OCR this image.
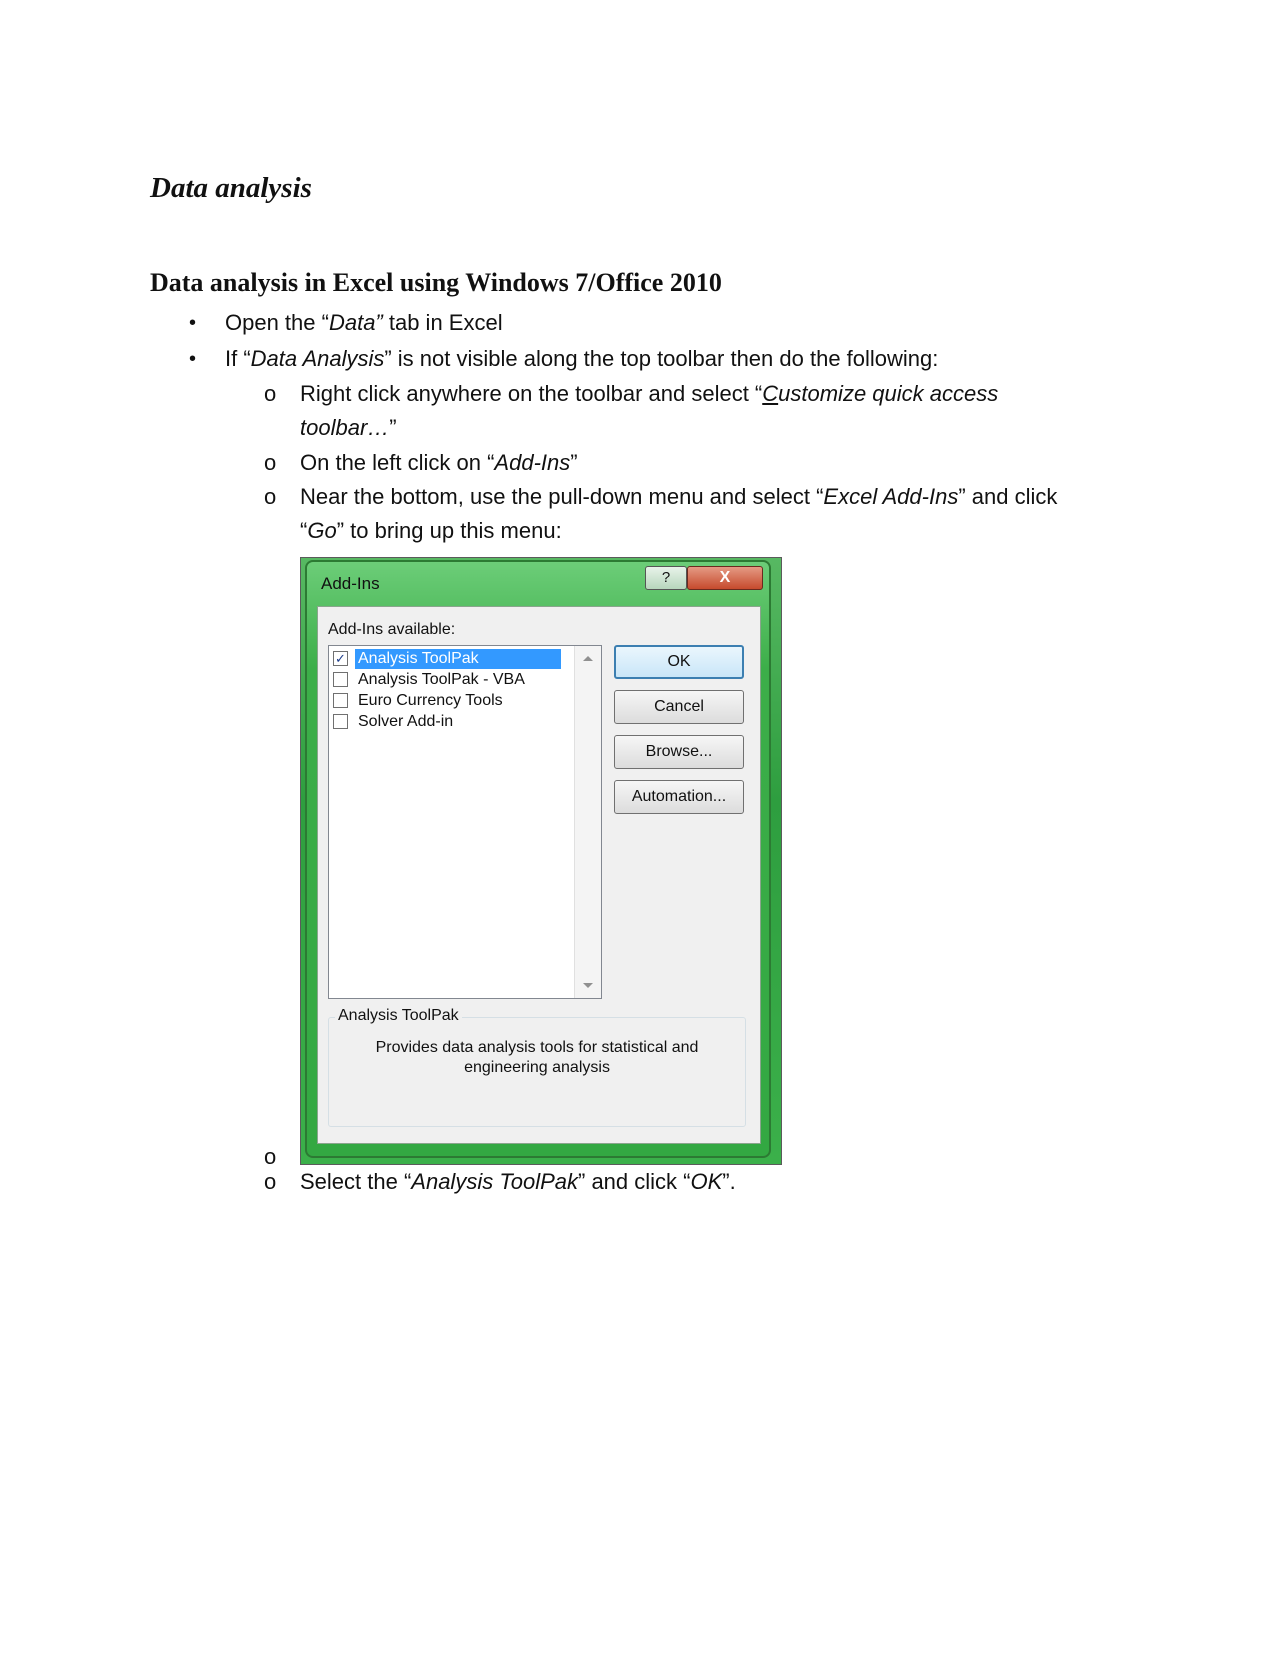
Data analysis
Data analysis in Excel using Windows 7/Office 2010
• Open the “Data” tab in Excel
• If “Data Analysis” is not visible along the top toolbar then do the following:
o Right click anywhere on the toolbar and select “Customize quick access toolbar…”
o On the left click on “Add-Ins”
o Near the bottom, use the pull-down menu and select “Excel Add-Ins” and click “Go” to bring up this menu:
o
Add-Ins	?	X
Add-Ins available:
✓ Analysis ToolPak
Analysis ToolPak - VBA
Euro Currency Tools
Solver Add-in
OK
Cancel
Browse...
Automation...
Analysis ToolPak
Provides data analysis tools for statistical and engineering analysis
o Select the “Analysis ToolPak” and click “OK”.
